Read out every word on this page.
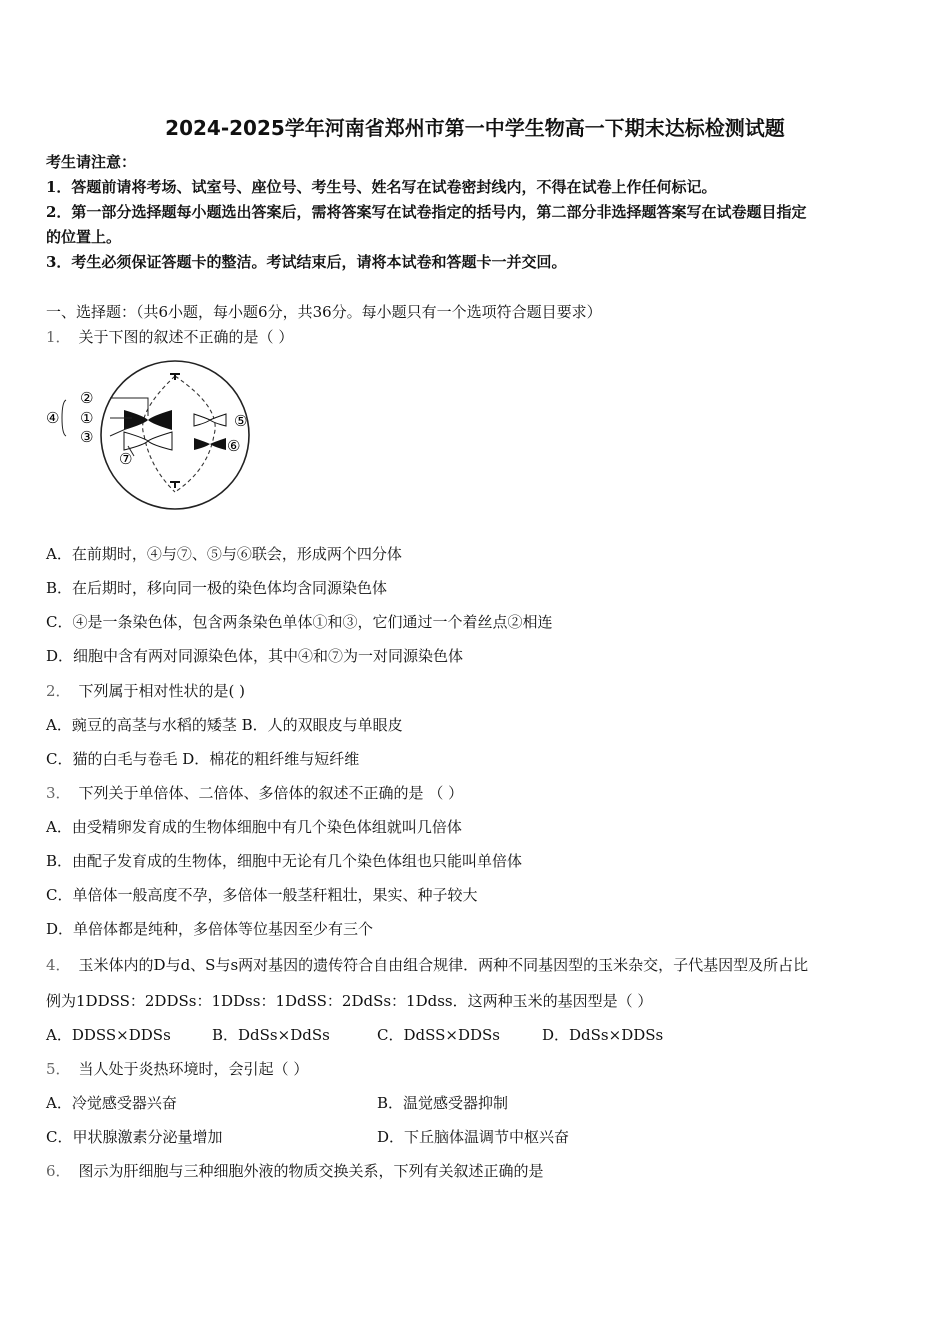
2024-2025学年河南省郑州市第一中学生物高一下期末达标检测试题
考生请注意：
1．答题前请将考场、试室号、座位号、考生号、姓名写在试卷密封线内，不得在试卷上作任何标记。
2．第一部分选择题每小题选出答案后，需将答案写在试卷指定的括号内，第二部分非选择题答案写在试卷题目指定
的位置上。
3．考生必须保证答题卡的整洁。考试结束后，请将本试卷和答题卡一并交回。
一、选择题：（共6小题，每小题6分，共36分。每小题只有一个选项符合题目要求）
1． 关于下图的叙述不正确的是（ ）
②
④ ①
③
⑤
⑥
⑦
A．在前期时，④与⑦、⑤与⑥联会，形成两个四分体
B．在后期时，移向同一极的染色体均含同源染色体
C．④是一条染色体，包含两条染色单体①和③，它们通过一个着丝点②相连
D．细胞中含有两对同源染色体，其中④和⑦为一对同源染色体
2． 下列属于相对性状的是( )
A．豌豆的高茎与水稻的矮茎 B．人的双眼皮与单眼皮
C．猫的白毛与卷毛 D．棉花的粗纤维与短纤维
3． 下列关于单倍体、二倍体、多倍体的叙述不正确的是 （ ）
A．由受精卵发育成的生物体细胞中有几个染色体组就叫几倍体
B．由配子发育成的生物体，细胞中无论有几个染色体组也只能叫单倍体
C．单倍体一般高度不孕，多倍体一般茎秆粗壮，果实、种子较大
D．单倍体都是纯种，多倍体等位基因至少有三个
4． 玉米体内的D与d、S与s两对基因的遗传符合自由组合规律．两种不同基因型的玉米杂交，子代基因型及所占比
例为1DDSS：2DDSs：1DDss：1DdSS：2DdSs：1Ddss．这两种玉米的基因型是（ ）
A．DDSS×DDSs	B．DdSs×DdSs	C．DdSS×DDSs	D．DdSs×DDSs
5． 当人处于炎热环境时，会引起（ ）
A．冷觉感受器兴奋	B．温觉感受器抑制
C．甲状腺激素分泌量增加	D．下丘脑体温调节中枢兴奋
6． 图示为肝细胞与三种细胞外液的物质交换关系，下列有关叙述正确的是
